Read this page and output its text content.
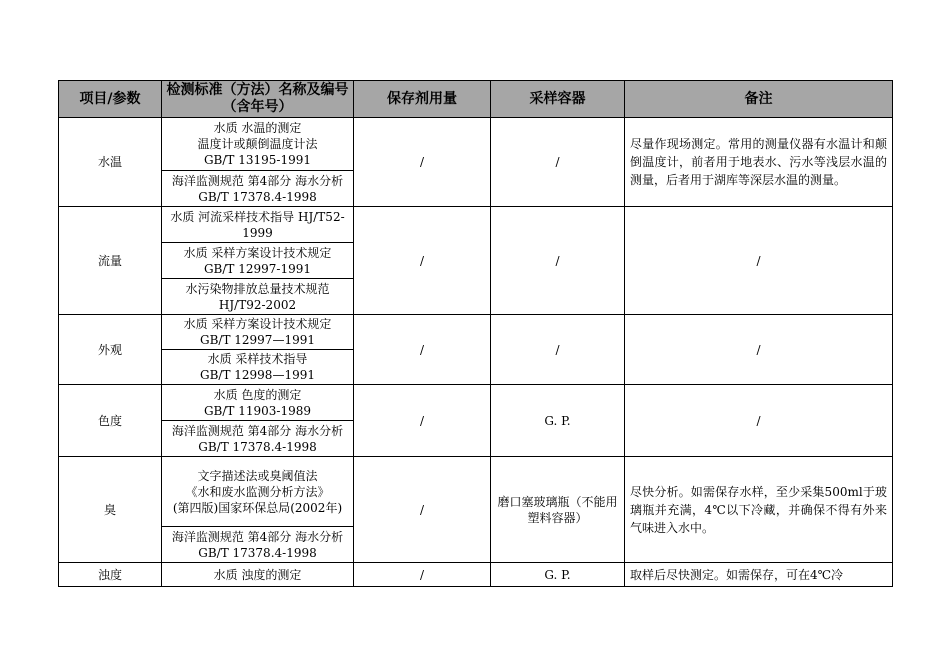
项目/参数	检测标准（方法）名称及编号（含年号）	保存剂用量	采样容器	备注
水温	水质 水温的测定
温度计或颠倒温度计法
GB/T 13195-1991	/	/	尽量作现场测定。常用的测量仪器有水温计和颠倒温度计，前者用于地表水、污水等浅层水温的测量，后者用于湖库等深层水温的测量。

	海洋监测规范 第4部分 海水分析 GB/T 17378.4-1998			

流量	水质 河流采样技术指导 HJ/T52-1999	/	/	/

	水质 采样方案设计技术规定
GB/T 12997-1991			

	水污染物排放总量技术规范
HJ/T92-2002			

外观	水质 采样方案设计技术规定
GB/T 12997—1991	/	/	/

	水质 采样技术指导
GB/T 12998—1991			

色度	水质 色度的测定
GB/T 11903-1989	/	G. P.	/

	海洋监测规范 第4部分 海水分析 GB/T 17378.4-1998			

臭	文字描述法或臭阈值法
《水和废水监测分析方法》
(第四版)国家环保总局(2002年)	/	磨口塞玻璃瓶（不能用塑料容器）	尽快分析。如需保存水样，至少采集500ml于玻璃瓶并充满，4℃以下冷藏，并确保不得有外来气味进入水中。

	海洋监测规范 第4部分 海水分析 GB/T 17378.4-1998			

浊度	水质 浊度的测定	/	G. P.	取样后尽快测定。如需保存，可在4℃冷
